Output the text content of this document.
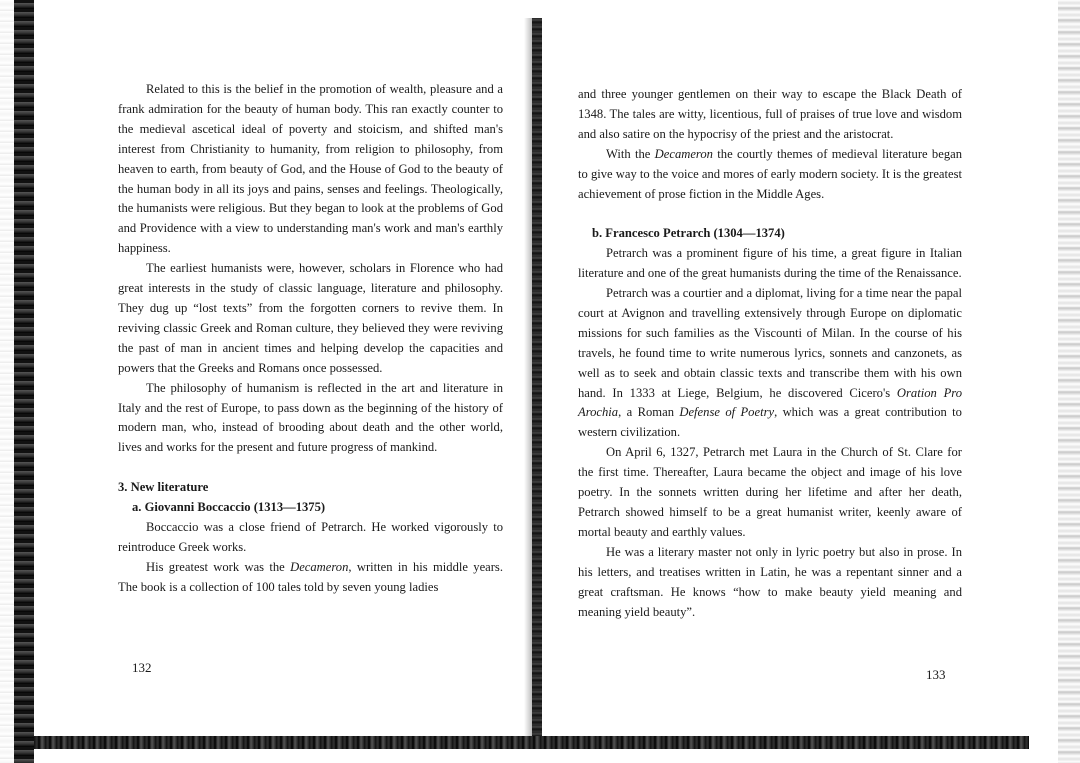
Related to this is the belief in the promotion of wealth, pleasure and a frank admiration for the beauty of human body. This ran exactly counter to the medieval ascetical ideal of poverty and stoicism, and shifted man's interest from Christianity to humanity, from religion to philosophy, from heaven to earth, from beauty of God, and the House of God to the beauty of the human body in all its joys and pains, senses and feelings. Theologically, the humanists were religious. But they began to look at the problems of God and Providence with a view to understanding man's work and man's earthly happiness.

The earliest humanists were, however, scholars in Florence who had great interests in the study of classic language, literature and philosophy. They dug up “lost texts” from the forgotten corners to revive them. In reviving classic Greek and Roman culture, they believed they were reviving the past of man in ancient times and helping develop the capacities and powers that the Greeks and Romans once possessed.

The philosophy of humanism is reflected in the art and literature in Italy and the rest of Europe, to pass down as the beginning of the history of modern man, who, instead of brooding about death and the other world, lives and works for the present and future progress of mankind.

3. New literature
a. Giovanni Boccaccio (1313—1375)

Boccaccio was a close friend of Petrarch. He worked vigorously to reintroduce Greek works.

His greatest work was the Decameron, written in his middle years. The book is a collection of 100 tales told by seven young ladies

132

and three younger gentlemen on their way to escape the Black Death of 1348. The tales are witty, licentious, full of praises of true love and wisdom and also satire on the hypocrisy of the priest and the aristocrat.

With the Decameron the courtly themes of medieval literature began to give way to the voice and mores of early modern society. It is the greatest achievement of prose fiction in the Middle Ages.

b. Francesco Petrarch (1304—1374)

Petrarch was a prominent figure of his time, a great figure in Italian literature and one of the great humanists during the time of the Renaissance.

Petrarch was a courtier and a diplomat, living for a time near the papal court at Avignon and travelling extensively through Europe on diplomatic missions for such families as the Viscounti of Milan. In the course of his travels, he found time to write numerous lyrics, sonnets and canzonets, as well as to seek and obtain classic texts and transcribe them with his own hand. In 1333 at Liege, Belgium, he discovered Cicero's Oration Pro Arochia, a Roman Defense of Poetry, which was a great contribution to western civilization.

On April 6, 1327, Petrarch met Laura in the Church of St. Clare for the first time. Thereafter, Laura became the object and image of his love poetry. In the sonnets written during her lifetime and after her death, Petrarch showed himself to be a great humanist writer, keenly aware of mortal beauty and earthly values.

He was a literary master not only in lyric poetry but also in prose. In his letters, and treatises written in Latin, he was a repentant sinner and a great craftsman. He knows “how to make beauty yield meaning and meaning yield beauty”.

133
